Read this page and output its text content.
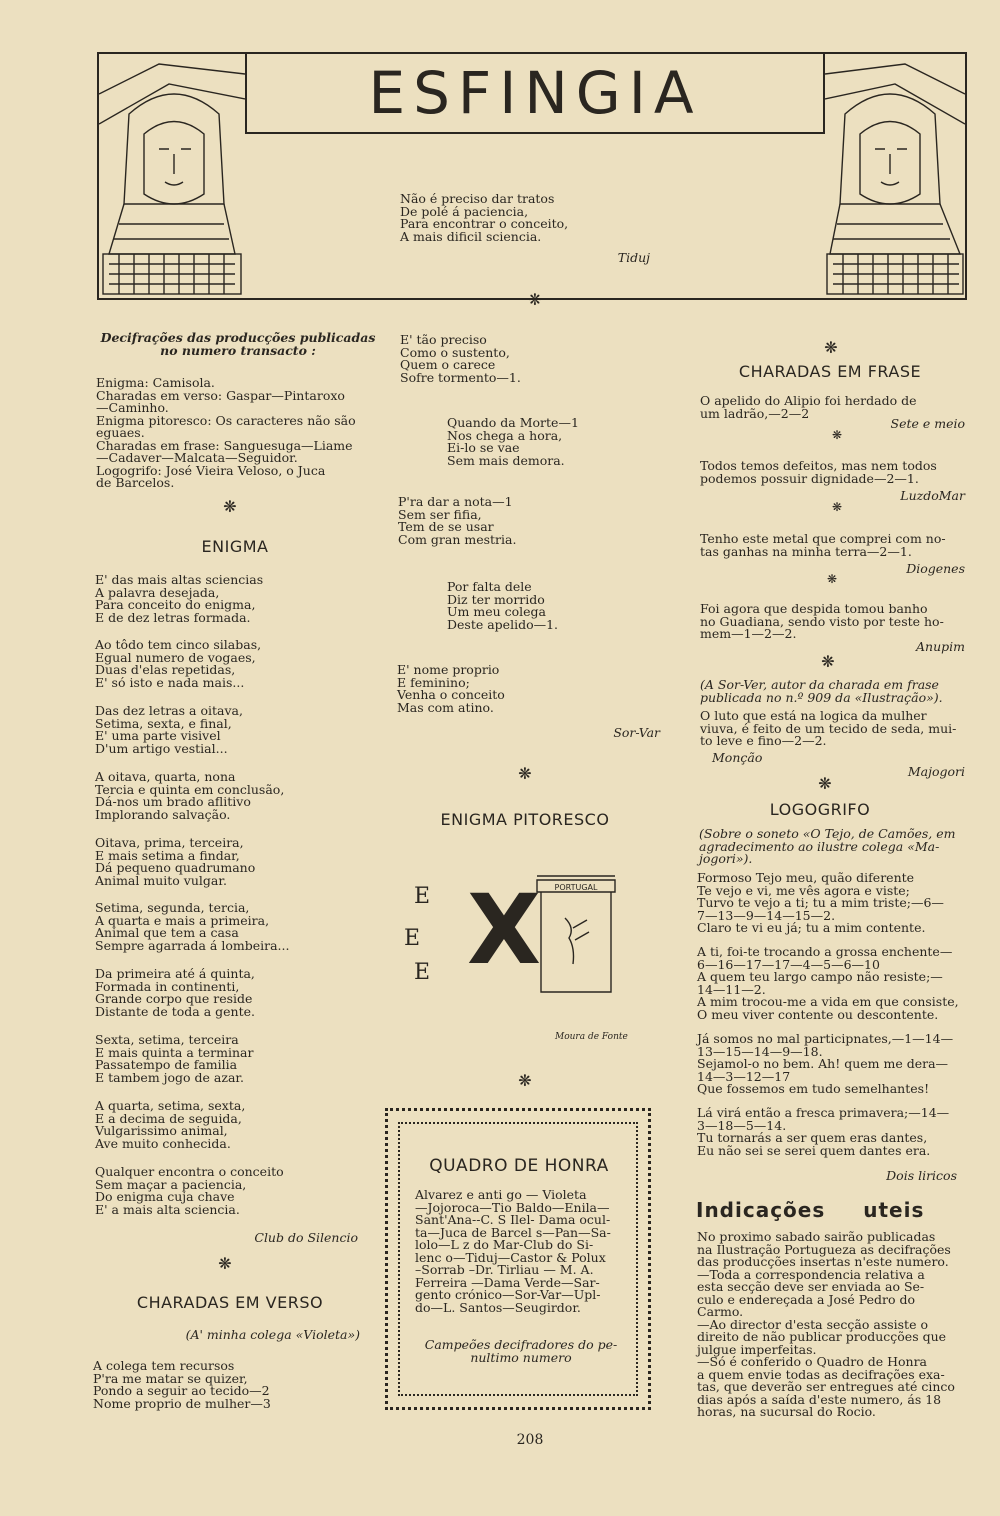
ESFINGIA
Não é preciso dar tratos
De polé á paciencia,
Para encontrar o conceito,
A mais dificil sciencia.
Tiduj
❋
Decifrações das producções publicadas
no numero transacto :
Enigma: Camisola.
Charadas em verso: Gaspar—Pintaroxo
—Caminho.
Enigma pitoresco: Os caracteres não são
eguaes.
Charadas em frase: Sanguesuga—Liame
—Cadaver—Malcata—Seguidor.
Logogrifo: José Vieira Veloso, o Juca
de Barcelos.
❋
ENIGMA
E' das mais altas sciencias
A palavra desejada,
Para conceito do enigma,
E de dez letras formada.
Ao tôdo tem cinco silabas,
Egual numero de vogaes,
Duas d'elas repetidas,
E' só isto e nada mais...
Das dez letras a oitava,
Setima, sexta, e final,
E' uma parte visivel
D'um artigo vestial...
A oitava, quarta, nona
Tercia e quinta em conclusão,
Dá-nos um brado aflitivo
Implorando salvação.
Oitava, prima, terceira,
E mais setima a findar,
Dá pequeno quadrumano
Animal muito vulgar.
Setima, segunda, tercia,
A quarta e mais a primeira,
Animal que tem a casa
Sempre agarrada á lombeira...
Da primeira até á quinta,
Formada in continenti,
Grande corpo que reside
Distante de toda a gente.
Sexta, setima, terceira
E mais quinta a terminar
Passatempo de familia
E tambem jogo de azar.
A quarta, setima, sexta,
E a decima de seguida,
Vulgarissimo animal,
Ave muito conhecida.
Qualquer encontra o conceito
Sem maçar a paciencia,
Do enigma cuja chave
E' a mais alta sciencia.
Club do Silencio
❋
CHARADAS EM VERSO
(A' minha colega «Violeta»)
A colega tem recursos
P'ra me matar se quizer,
Pondo a seguir ao tecido—2
Nome proprio de mulher—3
E' tão preciso
Como o sustento,
Quem o carece
Sofre tormento—1.
Quando da Morte—1
Nos chega a hora,
Ei-lo se vae
Sem mais demora.
P'ra dar a nota—1
Sem ser fifia,
Tem de se usar
Com gran mestria.
Por falta dele
Diz ter morrido
Um meu colega
Deste apelido—1.
E' nome proprio
E feminino;
Venha o conceito
Mas com atino.
Sor-Var
❋
ENIGMA PITORESCO
E
E
E X	PORTUGAL
Moura de Fonte
❋
QUADRO DE HONRA
Alvarez e anti go — Violeta
—Jojoroca—Tio Baldo—Enila—
Sant'Ana--C. S Ilel- Dama ocul-
ta—Juca de Barcel s—Pan—Sa-
lolo—L z do Mar-Club do Si-
lenc o—Tiduj—Castor & Polux
–Sorrab –Dr. Tirliau — M. A.
Ferreira —Dama Verde—Sar-
gento crónico—Sor-Var—Upl-
do—L. Santos—Seugirdor.
Campeões decifradores do pe-
nultimo numero
❋
CHARADAS EM FRASE
O apelido do Alipio foi herdado de
um ladrão,—2—2
Sete e meio
❋
Todos temos defeitos, mas nem todos
podemos possuir dignidade—2—1.
LuzdoMar
❋
Tenho este metal que comprei com no-
tas ganhas na minha terra—2—1.
Diogenes
❋
Foi agora que despida tomou banho
no Guadiana, sendo visto por teste ho-
mem—1—2—2.
Anupim
❋
(A Sor-Ver, autor da charada em frase
publicada no n.º 909 da «Ilustração»).
O luto que está na logica da mulher
viuva, é feito de um tecido de seda, mui-
to leve e fino—2—2.
Monção
Majogori
❋
LOGOGRIFO
(Sobre o soneto «O Tejo, de Camões, em
agradecimento ao ilustre colega «Ma-
jogori»).
Formoso Tejo meu, quão diferente
Te vejo e vi, me vês agora e viste;
Turvo te vejo a ti; tu a mim triste;—6—
7—13—9—14—15—2.
Claro te vi eu já; tu a mim contente.
A ti, foi-te trocando a grossa enchente—
6—16—17—17—4—5—6—10
A quem teu largo campo não resiste;—
14—11—2.
A mim trocou-me a vida em que consiste,
O meu viver contente ou descontente.
Já somos no mal participnates,—1—14—
13—15—14—9—18.
Sejamol-o no bem. Ah! quem me dera—
14—3—12—17
Que fossemos em tudo semelhantes!
Lá virá então a fresca primavera;—14—
3—18—5—14.
Tu tornarás a ser quem eras dantes,
Eu não sei se serei quem dantes era.
Dois liricos
Indicações uteis
No proximo sabado sairão publicadas
na Ilustração Portugueza as decifrações
das producções insertas n'este numero.
—Toda a correspondencia relativa a
esta secção deve ser enviada ao Se-
culo e endereçada a José Pedro do
Carmo.
—Ao director d'esta secção assiste o
direito de não publicar producções que
julgue imperfeitas.
—Só é conferido o Quadro de Honra
a quem envie todas as decifrações exa-
tas, que deverão ser entregues até cinco
dias após a saída d'este numero, ás 18
horas, na sucursal do Rocio.
208
